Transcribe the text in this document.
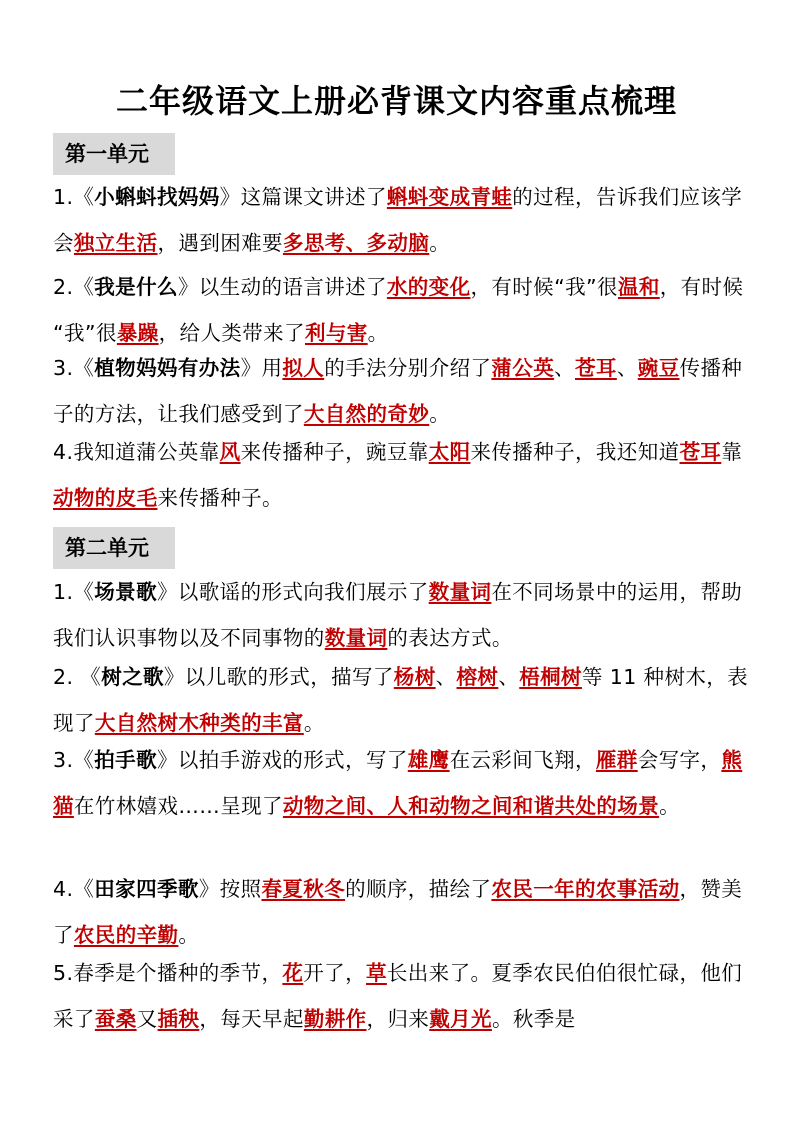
二年级语文上册必背课文内容重点梳理
第一单元
1.《小蝌蚪找妈妈》这篇课文讲述了蝌蚪变成青蛙的过程，告诉我们应该学会独立生活，遇到困难要多思考、多动脑。
2.《我是什么》以生动的语言讲述了水的变化，有时候“我”很温和，有时候 “我”很暴躁，给人类带来了利与害。
3.《植物妈妈有办法》用拟人的手法分别介绍了蒲公英、苍耳、豌豆传播种子的方法，让我们感受到了大自然的奇妙。
4.我知道蒲公英靠风来传播种子，豌豆靠太阳来传播种子，我还知道苍耳靠动物的皮毛来传播种子。
第二单元
1.《场景歌》以歌谣的形式向我们展示了数量词在不同场景中的运用，帮助我们认识事物以及不同事物的数量词的表达方式。
2. 《树之歌》以儿歌的形式，描写了杨树、榕树、梧桐树等 11 种树木，表现了大自然树木种类的丰富。
3.《拍手歌》以拍手游戏的形式，写了雄鹰在云彩间飞翔，雁群会写字，熊猫在竹林嬉戏……呈现了动物之间、人和动物之间和谐共处的场景。
4.《田家四季歌》按照春夏秋冬的顺序，描绘了农民一年的农事活动，赞美了农民的辛勤。
5.春季是个播种的季节，花开了，草长出来了。夏季农民伯伯很忙碌，他们采了蚕桑又插秧，每天早起勤耕作，归来戴月光。秋季是
